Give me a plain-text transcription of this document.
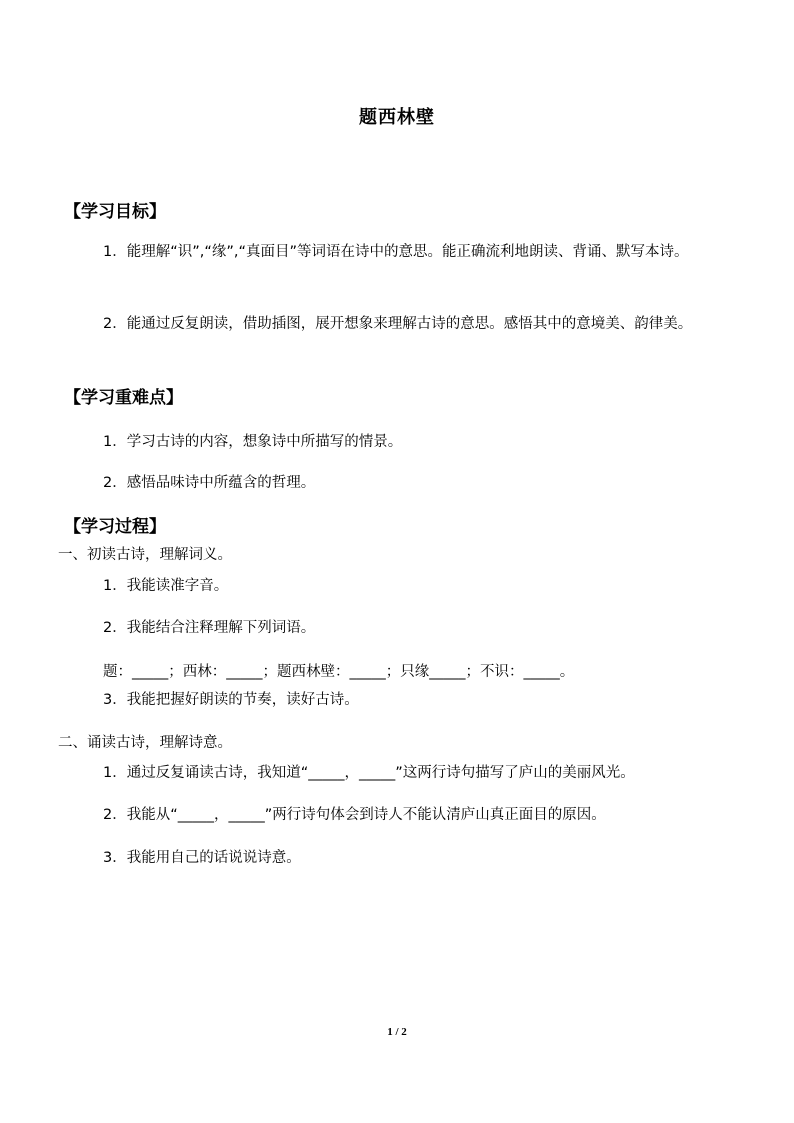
题西林壁
【学习目标】
1．能理解“识”,“缘”,“真面目”等词语在诗中的意思。能正确流利地朗读、背诵、默写本诗。
2．能通过反复朗读，借助插图，展开想象来理解古诗的意思。感悟其中的意境美、韵律美。
【学习重难点】
1．学习古诗的内容，想象诗中所描写的情景。
2．感悟品味诗中所蕴含的哲理。
【学习过程】
一、初读古诗，理解词义。
1．我能读准字音。
2．我能结合注释理解下列词语。
题：_____；西林：_____；题西林壁：_____；只缘_____；不识：_____。
3．我能把握好朗读的节奏，读好古诗。
二、诵读古诗，理解诗意。
1．通过反复诵读古诗，我知道“_____，_____”这两行诗句描写了庐山的美丽风光。
2．我能从“_____，_____”两行诗句体会到诗人不能认清庐山真正面目的原因。
3．我能用自己的话说说诗意。
1 / 2
